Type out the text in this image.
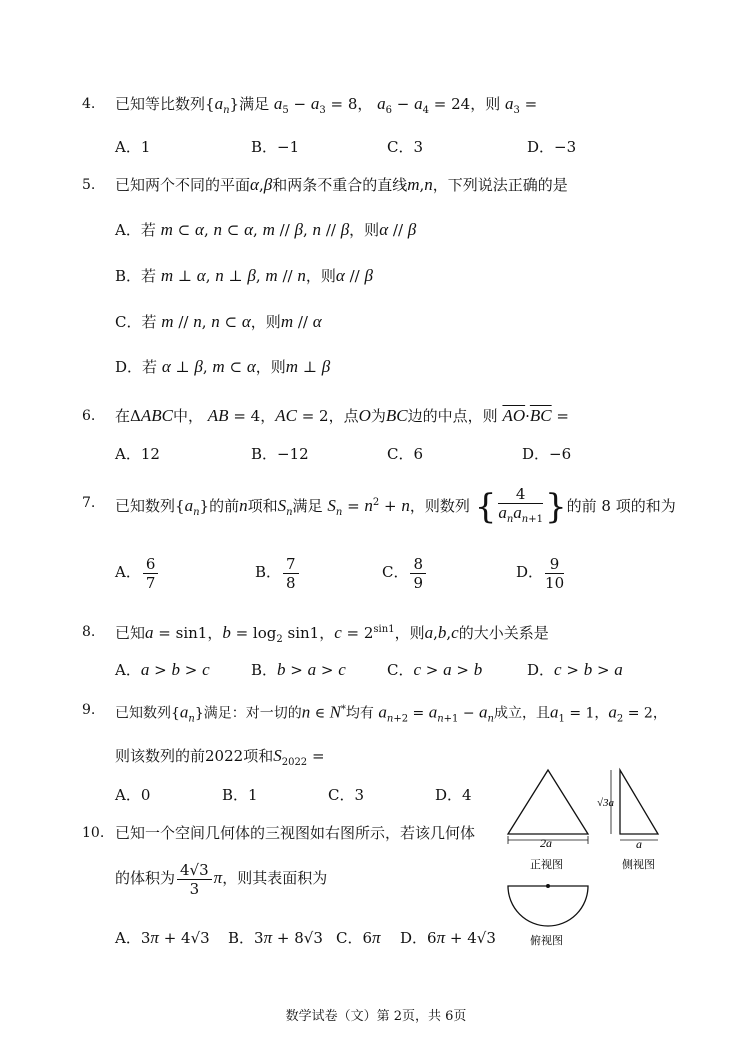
4. 已知等比数列$\{a_n\}$满足 $a_5 - a_3 = 8$， $a_6 - a_4 = 24$，则 $a_3$ =
A．1	B．−1	C．3	D．−3
5. 已知两个不同的平面α,β和两条不重合的直线m,n，下列说法正确的是
A．若 m ⊂ α, n ⊂ α, m // β, n // β，则α // β
B．若 m ⊥ α, n ⊥ β, m // n，则α // β
C．若 m // n, n ⊂ α，则m // α
D．若 α ⊥ β, m ⊂ α，则m ⊥ β
6. 在ΔABC中， AB = 4，AC = 2，点O为BC边的中点，则 $\overline{AO}\cdot\overline{BC}$ =
A．12	B．−12	C．6	D．−6
7. 已知数列$\{a_n\}$的前n项和$S_n$满足 $S_n = n^2 + n$，则数列 {	4
$a_na_{n+1}$ }的前 8 项的和为
A． $\frac{6}{7}$	B． $\frac{7}{8}$	C． $\frac{8}{9}$	D． $\frac{9}{10}$
8. 已知a = sin1，$b = \log_2 \sin 1$，$c = 2^{sin1}$，则a,b,c的大小关系是
A．a > b > c	B．b > a > c	C．c > a > b	D．c > b > a
9. 已知数列$\{a_n\}$满足：对一切的n ∈ N*均有 $a_{n+2} = a_{n+1} - a_n$成立，且$a_1 = 1$，$a_2 = 2$，
则该数列的前2022项和$S_{2022}$ =
A．0	B．1	C．3	D．4
10. 已知一个空间几何体的三视图如右图所示，若该几何体
的体积为 $\frac{4√3}{3}$ π，则其表面积为
A．3π + 4√3 B．3π + 8√3 C．6π D．6π + 4√3
2a
正视图
√3a
a
侧视图
俯视图
数学试卷（文）第 2页，共 6页
